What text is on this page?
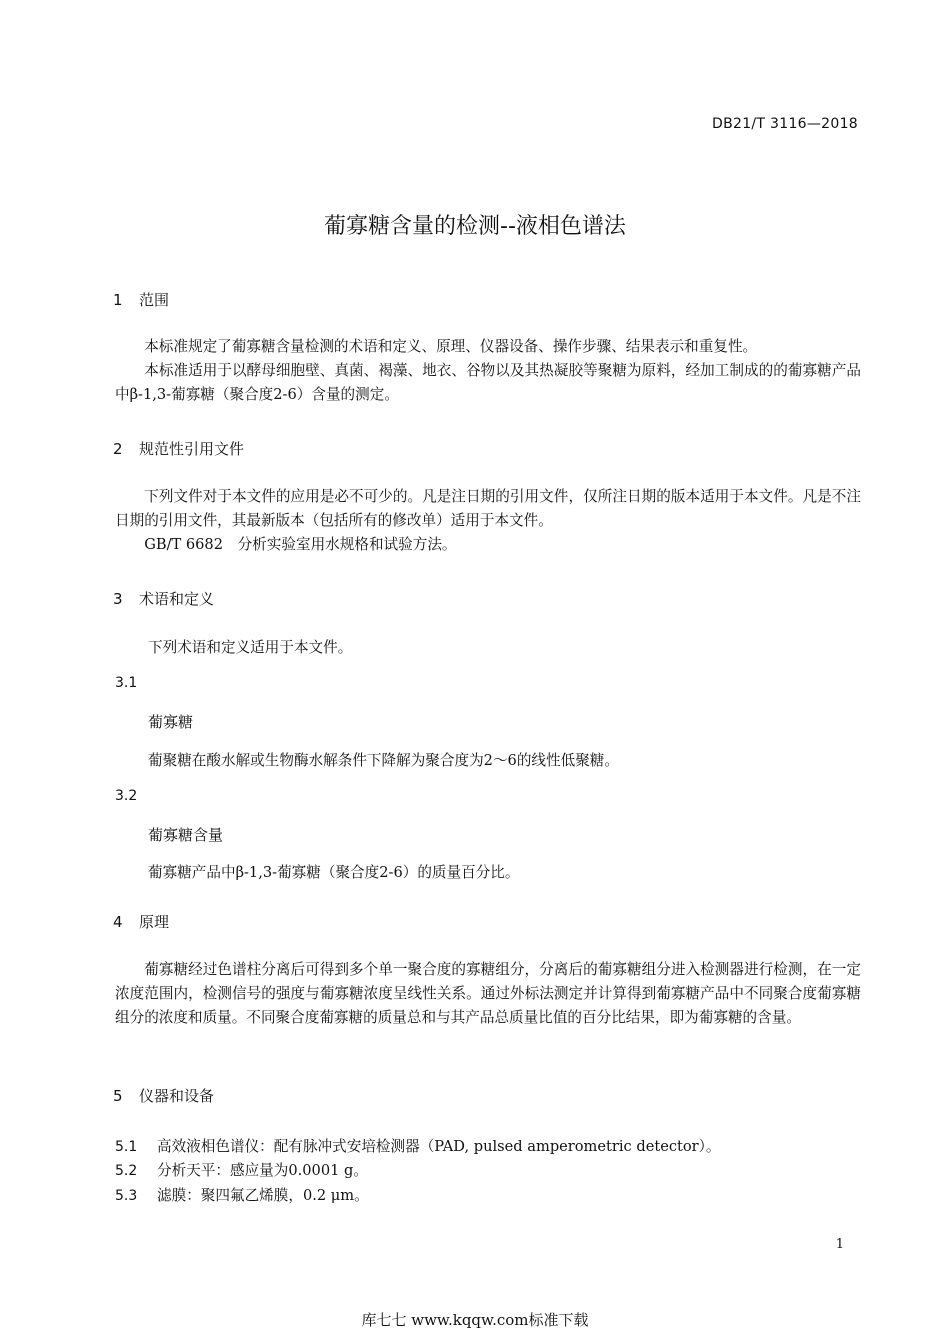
DB21/T 3116—2018
葡寡糖含量的检测--液相色谱法
1 范围

本标准规定了葡寡糖含量检测的术语和定义、原理、仪器设备、操作步骤、结果表示和重复性。

本标准适用于以酵母细胞壁、真菌、褐藻、地衣、谷物以及其热凝胶等聚糖为原料，经加工制成的的葡寡糖产品中β-1,3-葡寡糖（聚合度2-6）含量的测定。

2 规范性引用文件

下列文件对于本文件的应用是必不可少的。凡是注日期的引用文件，仅所注日期的版本适用于本文件。凡是不注日期的引用文件，其最新版本（包括所有的修改单）适用于本文件。

GB/T 6682　分析实验室用水规格和试验方法。

3 术语和定义
下列术语和定义适用于本文件。
3.1
葡寡糖
葡聚糖在酸水解或生物酶水解条件下降解为聚合度为2～6的线性低聚糖。
3.2
葡寡糖含量
葡寡糖产品中β-1,3-葡寡糖（聚合度2-6）的质量百分比。
4 原理

葡寡糖经过色谱柱分离后可得到多个单一聚合度的寡糖组分，分离后的葡寡糖组分进入检测器进行检测，在一定浓度范围内，检测信号的强度与葡寡糖浓度呈线性关系。通过外标法测定并计算得到葡寡糖产品中不同聚合度葡寡糖组分的浓度和质量。不同聚合度葡寡糖的质量总和与其产品总质量比值的百分比结果，即为葡寡糖的含量。

5 仪器和设备
5.1 高效液相色谱仪：配有脉冲式安培检测器（PAD, pulsed amperometric detector）。
5.2 分析天平：感应量为0.0001 g。
5.3 滤膜：聚四氟乙烯膜，0.2 μm。
1
库七七 www.kqqw.com标准下载
